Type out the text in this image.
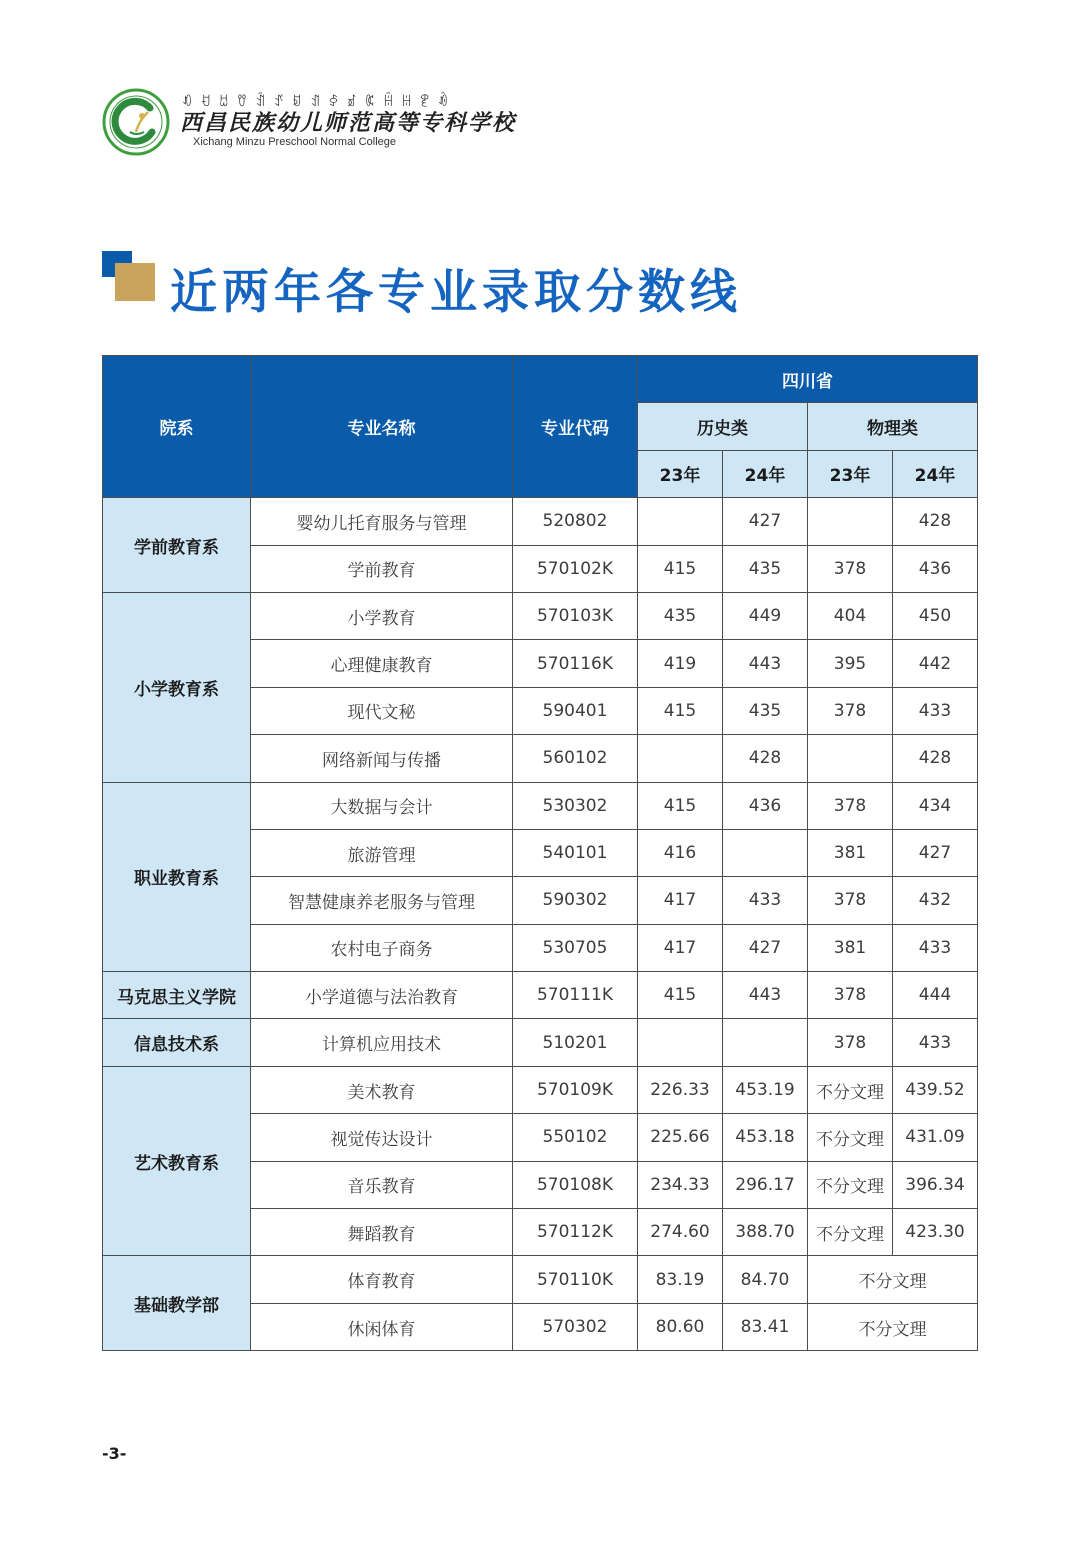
ꀒ ꀀ ꀠ ꀎ ꀉ ꀋ ꀂ ꀊ ꀆ ꀃ ꀇ ꀌ ꀍ ꀏ ꀐ
西昌民族幼儿师范高等专科学校
Xichang Minzu Preschool Normal College
近两年各专业录取分数线
院系	专业名称	专业代码	四川省			
			历史类		物理类	
			23年	24年	23年	24年
学前教育系	婴幼儿托育服务与管理	520802		427		428
	学前教育	570102K	415	435	378	436
小学教育系	小学教育	570103K	435	449	404	450
	心理健康教育	570116K	419	443	395	442
	现代文秘	590401	415	435	378	433
	网络新闻与传播	560102		428		428
职业教育系	大数据与会计	530302	415	436	378	434
	旅游管理	540101	416		381	427
	智慧健康养老服务与管理	590302	417	433	378	432
	农村电子商务	530705	417	427	381	433
马克思主义学院	小学道德与法治教育	570111K	415	443	378	444
信息技术系	计算机应用技术	510201			378	433
艺术教育系	美术教育	570109K	226.33	453.19	不分文理	439.52
	视觉传达设计	550102	225.66	453.18	不分文理	431.09
	音乐教育	570108K	234.33	296.17	不分文理	396.34
	舞蹈教育	570112K	274.60	388.70	不分文理	423.30
基础教学部	体育教育	570110K	83.19	84.70	不分文理	
	休闲体育	570302	80.60	83.41	不分文理	
-3-
